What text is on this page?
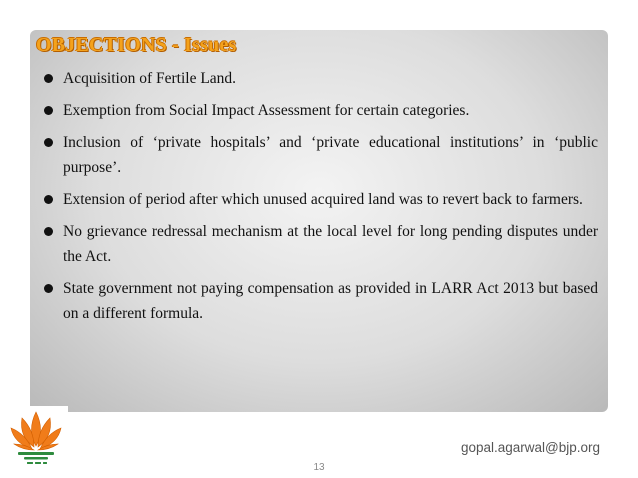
OBJECTIONS - Issues
Acquisition of Fertile Land.
Exemption from Social Impact Assessment for certain categories.
Inclusion of ‘private hospitals’ and ‘private educational institutions’ in ‘public purpose’.
Extension of period after which unused acquired land was to revert back to farmers.
No grievance redressal mechanism at the local level for long pending disputes under the Act.
State government not paying compensation as provided in LARR Act 2013 but based on a different formula.

gopal.agarwal@bjp.org

13
